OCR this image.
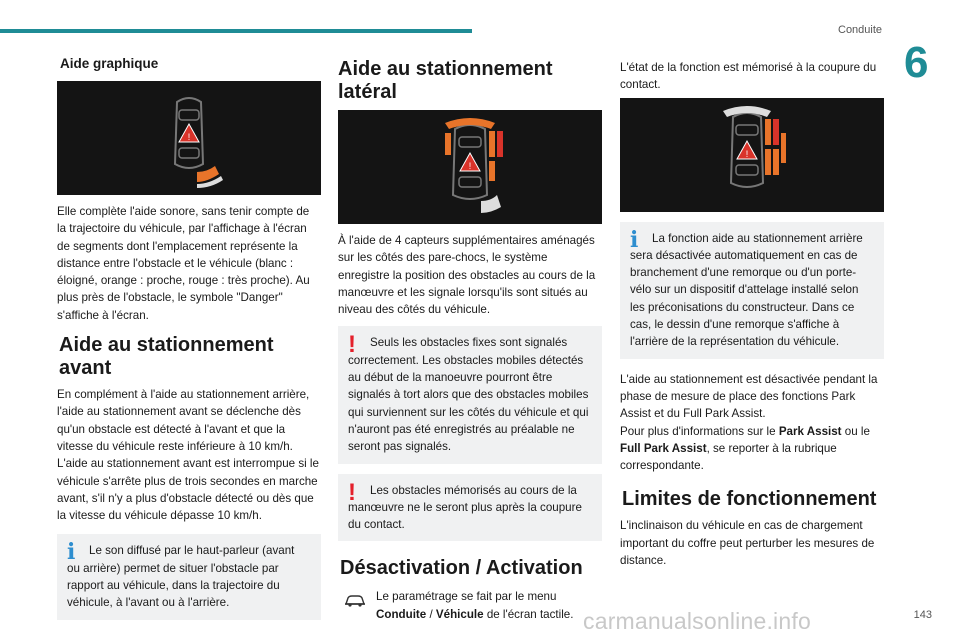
Conduite
6
Aide graphique
!

Elle complète l'aide sonore, sans tenir compte de la trajectoire du véhicule, par l'affichage à l'écran de segments dont l'emplacement représente la distance entre l'obstacle et le véhicule (blanc : éloigné, orange : proche, rouge : très proche). Au plus près de l'obstacle, le symbole "Danger" s'affiche à l'écran.

Aide au stationnement avant

En complément à l'aide au stationnement arrière, l'aide au stationnement avant se déclenche dès qu'un obstacle est détecté à l'avant et que la vitesse du véhicule reste inférieure à 10 km/h. L'aide au stationnement avant est interrompue si le véhicule s'arrête plus de trois secondes en marche avant, s'il n'y a plus d'obstacle détecté ou dès que la vitesse du véhicule dépasse 10 km/h.

i	Le son diffusé par le haut-parleur (avant

ou arrière) permet de situer l'obstacle par rapport au véhicule, dans la trajectoire du véhicule, à l'avant ou à l'arrière.

Aide au stationnement latéral
!

À l'aide de 4 capteurs supplémentaires aménagés sur les côtés des pare-chocs, le système enregistre la position des obstacles au cours de la manœuvre et les signale lorsqu'ils sont situés au niveau des côtés du véhicule.

!	Seuls les obstacles fixes sont signalés

correctement. Les obstacles mobiles détectés au début de la manoeuvre pourront être signalés à tort alors que des obstacles mobiles qui surviennent sur les côtés du véhicule et qui n'auront pas été enregistrés au préalable ne seront pas signalés.

!	Les obstacles mémorisés au cours de la

manœuvre ne le seront plus après la coupure du contact.

Désactivation / Activation

Le paramétrage se fait par le menu
Conduite / Véhicule de l'écran tactile.

L'état de la fonction est mémorisé à la coupure du contact.

!
i	La fonction aide au stationnement arrière

sera désactivée automatiquement en cas de branchement d'une remorque ou d'un porte-vélo sur un dispositif d'attelage installé selon les préconisations du constructeur. Dans ce cas, le dessin d'une remorque s'affiche à l'arrière de la représentation du véhicule.

L'aide au stationnement est désactivée pendant la phase de mesure de place des fonctions Park Assist et du Full Park Assist.

Pour plus d'informations sur le Park Assist ou le Full Park Assist, se reporter à la rubrique correspondante.

Limites de fonctionnement

L'inclinaison du véhicule en cas de chargement important du coffre peut perturber les mesures de distance.

carmanualsonline.info	143
